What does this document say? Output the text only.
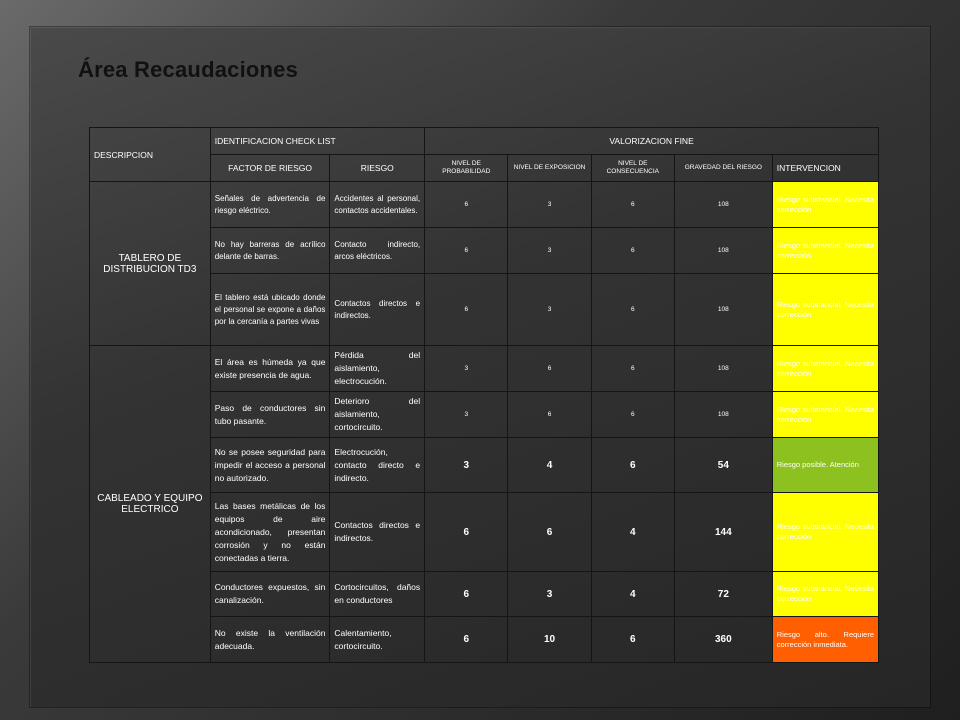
Área Recaudaciones
DESCRIPCION	IDENTIFICACION CHECK LIST		VALORIZACION FINE				
	FACTOR DE RIESGO	RIESGO	NIVEL DE PROBABILIDAD	NIVEL DE EXPOSICION	NIVEL DE CONSECUENCIA	GRAVEDAD DEL RIESGO	INTERVENCION
TABLERO DE DISTRIBUCION TD3	Señales de advertencia de riesgo eléctrico.	Accidentes al personal, contactos accidentales.	6	3	6	108	Riesgo substancial. Necesita corrección
	No hay barreras de acrílico delante de barras.	Contacto indirecto, arcos eléctricos.	6	3	6	108	Riesgo substancial. Necesita corrección
	El tablero está ubicado donde el personal se expone a daños por la cercanía a partes vivas	Contactos directos e indirectos.	6	3	6	108	Riesgo substancial. Necesita corrección
CABLEADO Y EQUIPO ELECTRICO	El área es húmeda ya que existe presencia de agua.	Pérdida del aislamiento, electrocución.	3	6	6	108	Riesgo substancial. Necesita corrección
	Paso de conductores sin tubo pasante.	Deterioro del aislamiento, cortocircuito.	3	6	6	108	Riesgo substancial. Necesita corrección
	No se posee seguridad para impedir el acceso a personal no autorizado.	Electrocución, contacto directo e indirecto.	3	4	6	54	Riesgo posible. Atención
	Las bases metálicas de los equipos de aire acondicionado, presentan corrosión y no están conectadas a tierra.	Contactos directos e indirectos.	6	6	4	144	Riesgo substancial. Necesita corrección
	Conductores expuestos, sin canalización.	Cortocircuitos, daños en conductores	6	3	4	72	Riesgo substancial. Necesita corrección
	No existe la ventilación adecuada.	Calentamiento, cortocircuito.	6	10	6	360	Riesgo alto. Requiere corrección inmediata.
